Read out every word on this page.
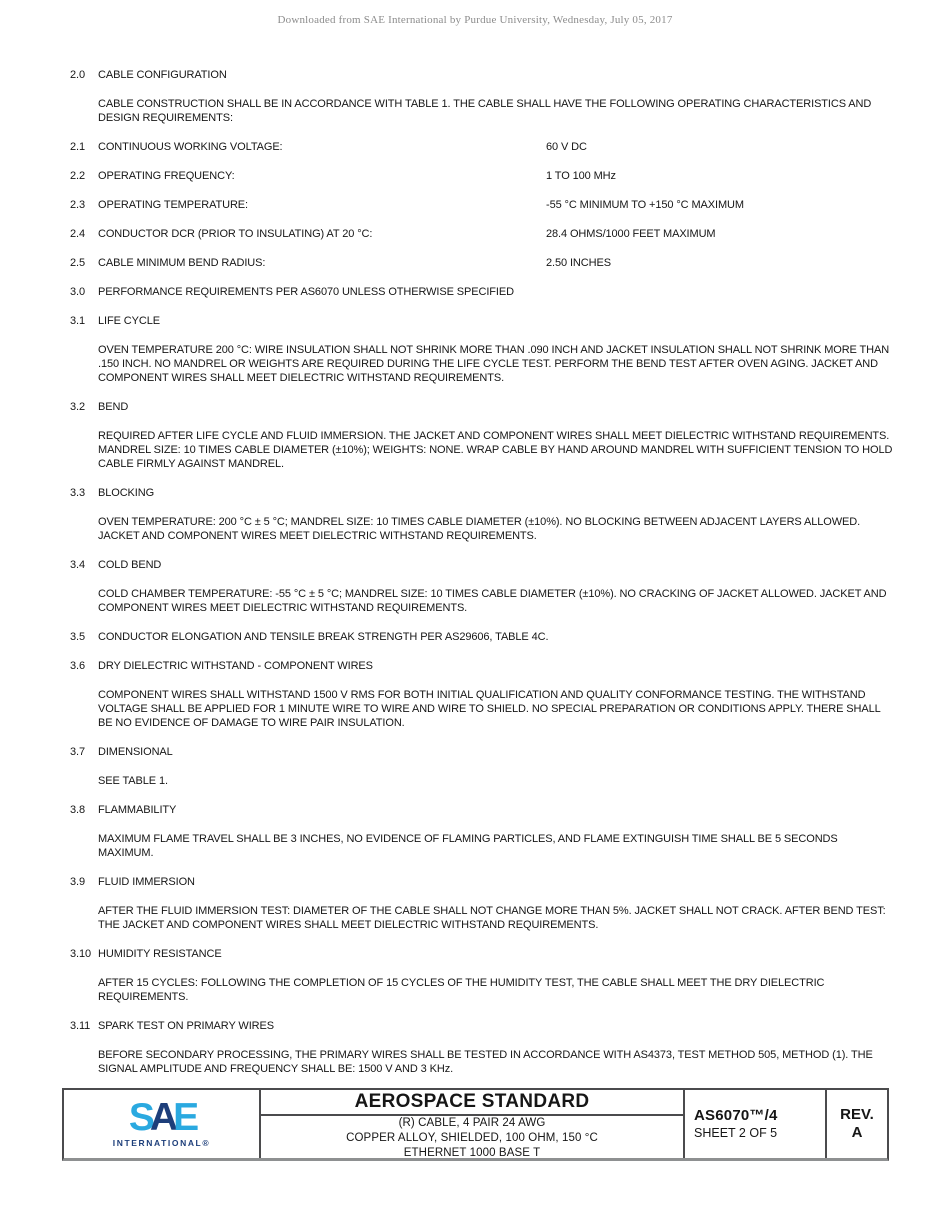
Downloaded from SAE International by Purdue University, Wednesday, July 05, 2017
2.0	CABLE CONFIGURATION
CABLE CONSTRUCTION SHALL BE IN ACCORDANCE WITH TABLE 1. THE CABLE SHALL HAVE THE FOLLOWING OPERATING CHARACTERISTICS AND DESIGN REQUIREMENTS:
2.1	CONTINUOUS WORKING VOLTAGE:	60 V DC
2.2	OPERATING FREQUENCY:	1 TO 100 MHz
2.3	OPERATING TEMPERATURE:	-55 °C MINIMUM TO +150 °C MAXIMUM
2.4	CONDUCTOR DCR (PRIOR TO INSULATING) AT 20 °C:	28.4 OHMS/1000 FEET MAXIMUM
2.5	CABLE MINIMUM BEND RADIUS:	2.50 INCHES
3.0	PERFORMANCE REQUIREMENTS PER AS6070 UNLESS OTHERWISE SPECIFIED
3.1	LIFE CYCLE
OVEN TEMPERATURE 200 °C: WIRE INSULATION SHALL NOT SHRINK MORE THAN .090 INCH AND JACKET INSULATION SHALL NOT SHRINK MORE THAN .150 INCH. NO MANDREL OR WEIGHTS ARE REQUIRED DURING THE LIFE CYCLE TEST. PERFORM THE BEND TEST AFTER OVEN AGING. JACKET AND COMPONENT WIRES SHALL MEET DIELECTRIC WITHSTAND REQUIREMENTS.
3.2	BEND
REQUIRED AFTER LIFE CYCLE AND FLUID IMMERSION. THE JACKET AND COMPONENT WIRES SHALL MEET DIELECTRIC WITHSTAND REQUIREMENTS. MANDREL SIZE: 10 TIMES CABLE DIAMETER (±10%); WEIGHTS: NONE. WRAP CABLE BY HAND AROUND MANDREL WITH SUFFICIENT TENSION TO HOLD CABLE FIRMLY AGAINST MANDREL.
3.3	BLOCKING
OVEN TEMPERATURE: 200 °C ± 5 °C; MANDREL SIZE: 10 TIMES CABLE DIAMETER (±10%). NO BLOCKING BETWEEN ADJACENT LAYERS ALLOWED. JACKET AND COMPONENT WIRES MEET DIELECTRIC WITHSTAND REQUIREMENTS.
3.4	COLD BEND
COLD CHAMBER TEMPERATURE: -55 °C ± 5 °C; MANDREL SIZE: 10 TIMES CABLE DIAMETER (±10%). NO CRACKING OF JACKET ALLOWED. JACKET AND COMPONENT WIRES MEET DIELECTRIC WITHSTAND REQUIREMENTS.
3.5	CONDUCTOR ELONGATION AND TENSILE BREAK STRENGTH PER AS29606, TABLE 4C.
3.6	DRY DIELECTRIC WITHSTAND - COMPONENT WIRES
COMPONENT WIRES SHALL WITHSTAND 1500 V RMS FOR BOTH INITIAL QUALIFICATION AND QUALITY CONFORMANCE TESTING. THE WITHSTAND VOLTAGE SHALL BE APPLIED FOR 1 MINUTE WIRE TO WIRE AND WIRE TO SHIELD. NO SPECIAL PREPARATION OR CONDITIONS APPLY. THERE SHALL BE NO EVIDENCE OF DAMAGE TO WIRE PAIR INSULATION.
3.7	DIMENSIONAL
SEE TABLE 1.
3.8	FLAMMABILITY
MAXIMUM FLAME TRAVEL SHALL BE 3 INCHES, NO EVIDENCE OF FLAMING PARTICLES, AND FLAME EXTINGUISH TIME SHALL BE 5 SECONDS MAXIMUM.
3.9	FLUID IMMERSION
AFTER THE FLUID IMMERSION TEST: DIAMETER OF THE CABLE SHALL NOT CHANGE MORE THAN 5%. JACKET SHALL NOT CRACK. AFTER BEND TEST: THE JACKET AND COMPONENT WIRES SHALL MEET DIELECTRIC WITHSTAND REQUIREMENTS.
3.10 HUMIDITY RESISTANCE
AFTER 15 CYCLES: FOLLOWING THE COMPLETION OF 15 CYCLES OF THE HUMIDITY TEST, THE CABLE SHALL MEET THE DRY DIELECTRIC REQUIREMENTS.
3.11 SPARK TEST ON PRIMARY WIRES
BEFORE SECONDARY PROCESSING, THE PRIMARY WIRES SHALL BE TESTED IN ACCORDANCE WITH AS4373, TEST METHOD 505, METHOD (1). THE SIGNAL AMPLITUDE AND FREQUENCY SHALL BE: 1500 V AND 3 KHz.
SAE
INTERNATIONAL®
AEROSPACE STANDARD
(R) CABLE, 4 PAIR 24 AWG
COPPER ALLOY, SHIELDED, 100 OHM, 150 °C
ETHERNET 1000 BASE T
AS6070™/4
SHEET 2 OF 5
REV.
A
